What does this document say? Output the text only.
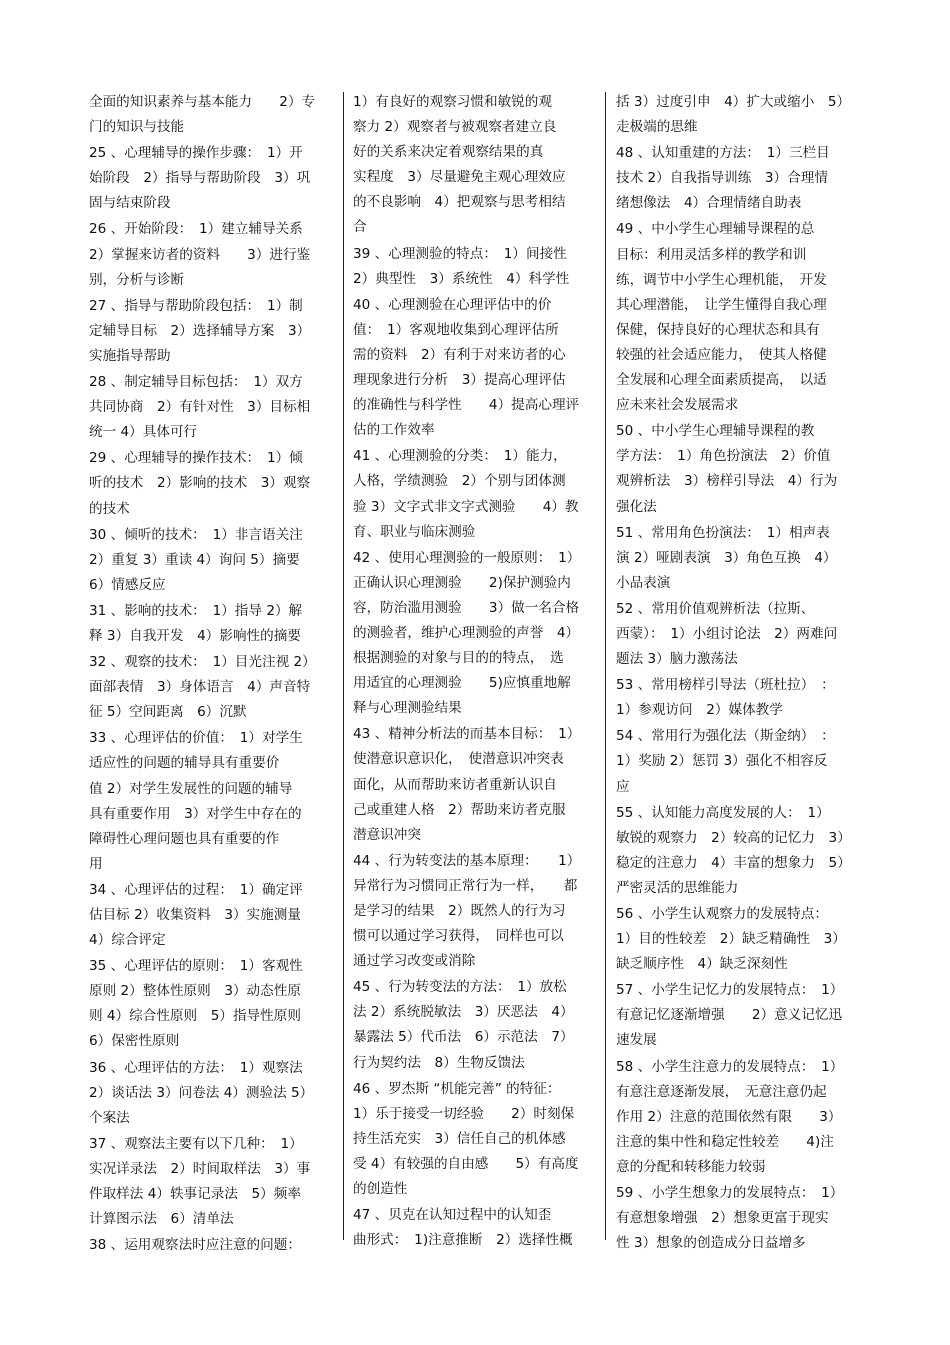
全面的知识素养与基本能力　　2）专
门的知识与技能
25 、心理辅导的操作步骤：　1）开
始阶段　2）指导与帮助阶段　3）巩
固与结束阶段
26 、开始阶段：　1）建立辅导关系
2）掌握来访者的资料　　3）进行鉴
别，分析与诊断
27 、指导与帮助阶段包括：　1）制
定辅导目标　2）选择辅导方案　3）
实施指导帮助
28 、制定辅导目标包括：　1）双方
共同协商　2）有针对性　3）目标相
统一 4）具体可行
29 、心理辅导的操作技术：　1）倾
听的技术　2）影响的技术　3）观察
的技术
30 、倾听的技术：　1）非言语关注
2）重复 3）重读 4）询问 5）摘要
6）情感反应
31 、影响的技术：　1）指导 2）解
释 3）自我开发　4）影响性的摘要
32 、观察的技术：　1）目光注视 2）
面部表情　3）身体语言　4）声音特
征 5）空间距离　6）沉默
33 、心理评估的价值：　1）对学生
适应性的问题的辅导具有重要价
值 2）对学生发展性的问题的辅导
具有重要作用　3）对学生中存在的
障碍性心理问题也具有重要的作
用
34 、心理评估的过程：　1）确定评
估目标 2）收集资料　3）实施测量
4）综合评定
35 、心理评估的原则：　1）客观性
原则 2）整体性原则　3）动态性原
则 4）综合性原则　5）指导性原则
6）保密性原则
36 、心理评估的方法：　1）观察法
2）谈话法 3）问卷法 4）测验法 5）
个案法
37 、观察法主要有以下几种：　1）
实况详录法　2）时间取样法　3）事
件取样法 4）轶事记录法　5）频率
计算图示法　6）清单法
38 、运用观察法时应注意的问题：
1）有良好的观察习惯和敏锐的观
察力 2）观察者与被观察者建立良
好的关系来决定着观察结果的真
实程度　3）尽量避免主观心理效应
的不良影响　4）把观察与思考相结
合
39 、心理测验的特点：　1）间接性
2）典型性　3）系统性　4）科学性
40 、心理测验在心理评估中的价
值：　1）客观地收集到心理评估所
需的资料　2）有利于对来访者的心
理现象进行分析　3）提高心理评估
的准确性与科学性　　4）提高心理评
估的工作效率
41 、心理测验的分类：　1）能力，
人格，学绩测验　2）个别与团体测
验 3）文字式非文字式测验　　4）教
育、职业与临床测验
42 、使用心理测验的一般原则：　1）
正确认识心理测验　　2)保护测验内
容，防治滥用测验　　3）做一名合格
的测验者，维护心理测验的声誉　4）
根据测验的对象与目的的特点，　选
用适宜的心理测验　　5)应慎重地解
释与心理测验结果
43 、精神分析法的而基本目标：　1）
使潜意识意识化，　使潜意识冲突表
面化，从而帮助来访者重新认识自
己或重建人格　2）帮助来访者克服
潜意识冲突
44 、行为转变法的基本原理：　　1）
异常行为习惯同正常行为一样，　　都
是学习的结果　2）既然人的行为习
惯可以通过学习获得，　同样也可以
通过学习改变或消除
45 、行为转变法的方法：　1）放松
法 2）系统脱敏法　3）厌恶法　4）
暴露法 5）代币法　6）示范法　7）
行为契约法　8）生物反馈法
46 、罗杰斯 “机能完善” 的特征：
1）乐于接受一切经验　　2）时刻保
持生活充实　3）信任自己的机体感
受 4）有较强的自由感　　5）有高度
的创造性
47 、贝克在认知过程中的认知歪
曲形式：　1)注意推断　2）选择性概
括 3）过度引申　4）扩大或缩小　5）
走极端的思维
48 、认知重建的方法：　1）三栏目
技术 2）自我指导训练　3）合理情
绪想像法　4）合理情绪自助表
49 、中小学生心理辅导课程的总
目标：利用灵活多样的教学和训
练，调节中小学生心理机能，　开发
其心理潜能，　让学生懂得自我心理
保健，保持良好的心理状态和具有
较强的社会适应能力，　使其人格健
全发展和心理全面素质提高，　以适
应未来社会发展需求
50 、中小学生心理辅导课程的教
学方法：　1）角色扮演法　2）价值
观辨析法　3）榜样引导法　4）行为
强化法
51 、常用角色扮演法：　1）相声表
演 2）哑剧表演　3）角色互换　4）
小品表演
52 、常用价值观辨析法（拉斯、
西蒙）：　1）小组讨论法　2）两难问
题法 3）脑力激荡法
53 、常用榜样引导法（班杜拉）　：
1）参观访问　2）媒体教学
54 、常用行为强化法（斯金纳）　：
1）奖励 2）惩罚 3）强化不相容反
应
55 、认知能力高度发展的人：　1）
敏锐的观察力　2）较高的记忆力　3）
稳定的注意力　4）丰富的想象力　5）
严密灵活的思维能力
56 、小学生认观察力的发展特点：
1）目的性较差　2）缺乏精确性　3）
缺乏顺序性　4）缺乏深刻性
57 、小学生记忆力的发展特点：　1）
有意记忆逐渐增强　　2）意义记忆迅
速发展
58 、小学生注意力的发展特点：　1）
有意注意逐渐发展，　无意注意仍起
作用 2）注意的范围依然有限　　3）
注意的集中性和稳定性较差　　4)注
意的分配和转移能力较弱
59 、小学生想象力的发展特点：　1）
有意想象增强　2）想象更富于现实
性 3）想象的创造成分日益增多
